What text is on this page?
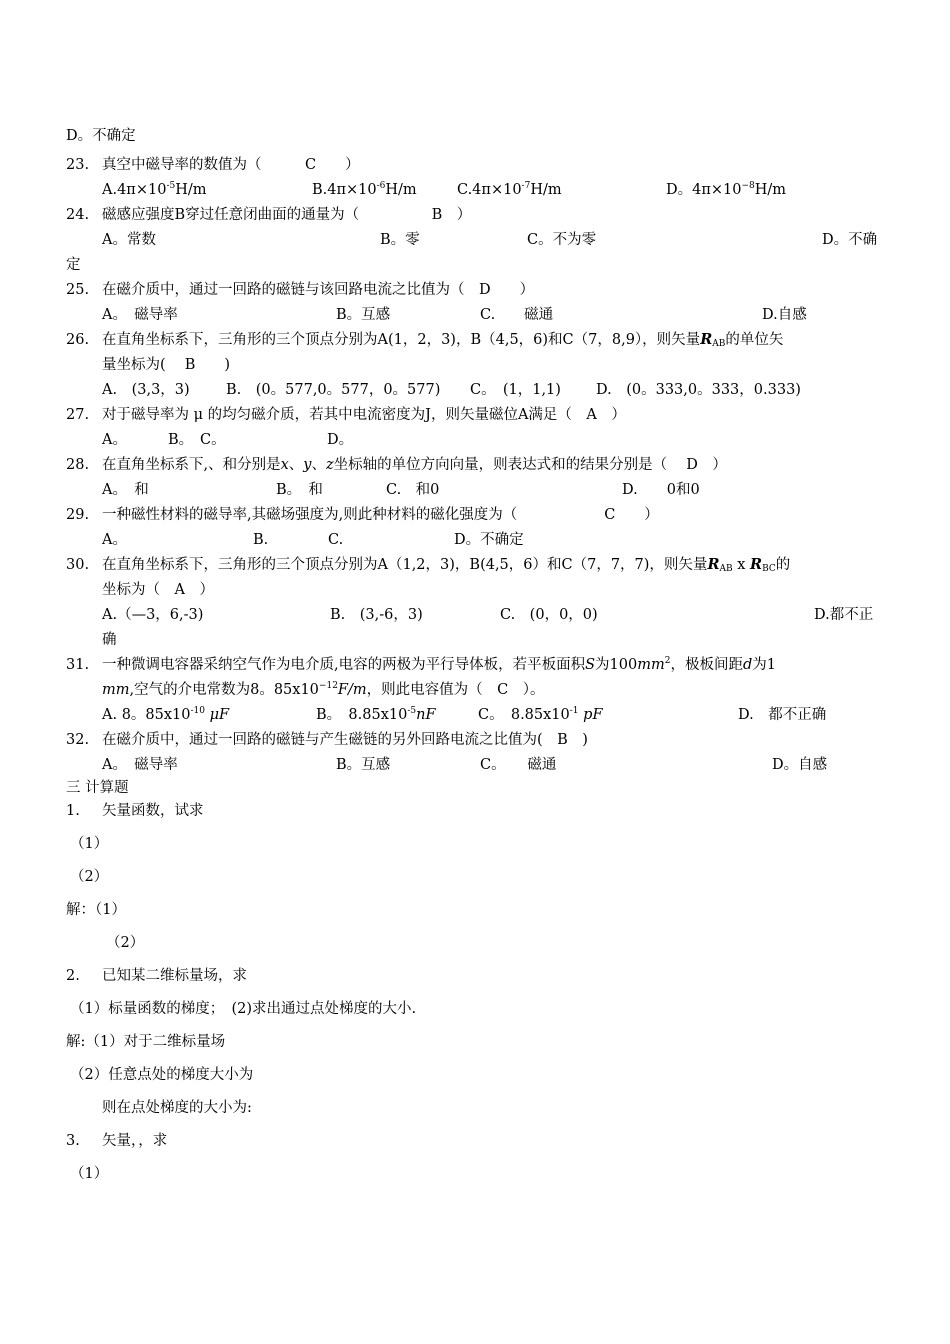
D。不确定
23. 真空中磁导率的数值为（　　　C　　）
$A.4\pi\times 10^{-5}H/m$	$B.4\pi\times 10^{-6}H/m$	$C.4\pi\times 10^{-7}H/m$	D。$4\pi\times 10^{-8}H/m$
24. 磁感应强度B穿过任意闭曲面的通量为（　　　　　B　）
A。常数	B。零	C。不为零	D。不确
定
25. 在磁介质中，通过一回路的磁链与该回路电流之比值为（　D　　）
A。　磁导率	B。互感	C.　　磁通	D.自感
26. 在直角坐标系下，三角形的三个顶点分别为A(1，2，3)，B（4,5，6)和C（7，8,9），则矢量$R_{AB}$的单位矢
量坐标为(　 B　　)
A.　(3,3，3)	B.　(0。577,0。577，0。577) C。　(1，1,1) D.　(0。333,0。333，0.333)
27. 对于磁导率为 μ 的均匀磁介质，若其中电流密度为J，则矢量磁位A满足（　A　）
A。	B。 C。	D。
28. 在直角坐标系下,、和分别是x、y、z坐标轴的单位方向向量，则表达式和的结果分别是（　 D　）
A。　和	B。　和	C.　和0	D.　　0和0
29. 一种磁性材料的磁导率,其磁场强度为,则此种材料的磁化强度为（　　　　　　C　　）
A。	B.	C.	D。不确定
30. 在直角坐标系下，三角形的三个顶点分别为A（1,2，3)，B(4,5，6）和C（7，7，7)，则矢量$R_{AB}$ x $R_{BC}$的
坐标为（　A　）
A.（—3，6,-3)	B.　(3,-6，3)	C.　(0，0，0)	D.都不正
确
31. 一种微调电容器采纳空气作为电介质,电容的两极为平行导体板，若平板面积S为$100mm^2$，极板间距d为1
mm,空气的介电常数为8。$85x10^{-12}F/m$，则此电容值为（　C　）。
A. 8。$85x10^{-10}$ μF	B。　$8.85x10^{-5}nF$	C。　$8.85x10^{-1}$ pF	D.　都不正确
32. 在磁介质中，通过一回路的磁链与产生磁链的另外回路电流之比值为(　B　)
A。　磁导率	B。互感	C。　　磁通	D。自感
三 计算题
1. 矢量函数，试求
（1）
（2）
解：（1）
（2）
2. 已知某二维标量场，求
（1）标量函数的梯度；　(2)求出通过点处梯度的大小.
解:（1）对于二维标量场
（2）任意点处的梯度大小为
则在点处梯度的大小为:
3. 矢量，，求
（1）
